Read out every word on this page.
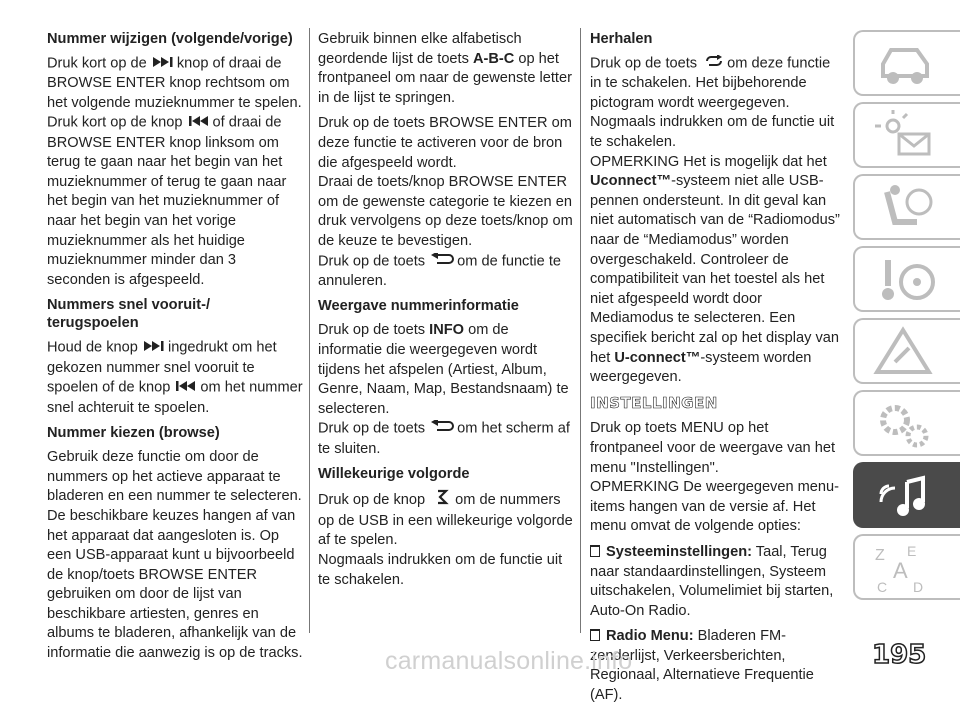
Nummer wijzigen (volgende/vorige)

Druk kort op de knop of draai de BROWSE ENTER knop rechtsom om het volgende muzieknummer te spelen. Druk kort op de knop of draai de BROWSE ENTER knop linksom om terug te gaan naar het begin van het muzieknummer of terug te gaan naar het begin van het muzieknummer of naar het begin van het vorige muzieknummer als het huidige muzieknummer minder dan 3 seconden is afgespeeld.

Nummers snel vooruit-/ terugspoelen

Houd de knop ingedrukt om het gekozen nummer snel vooruit te spoelen of de knop om het nummer snel achteruit te spoelen.

Nummer kiezen (browse)

Gebruik deze functie om door de nummers op het actieve apparaat te bladeren en een nummer te selecteren. De beschikbare keuzes hangen af van het apparaat dat aangesloten is. Op een USB-apparaat kunt u bijvoorbeeld de knop/toets BROWSE ENTER gebruiken om door de lijst van beschikbare artiesten, genres en albums te bladeren, afhankelijk van de informatie die aanwezig is op de tracks.

Gebruik binnen elke alfabetisch geordende lijst de toets A-B-C op het frontpaneel om naar de gewenste letter in de lijst te springen.

Druk op de toets BROWSE ENTER om deze functie te activeren voor de bron die afgespeeld wordt.

Draai de toets/knop BROWSE ENTER om de gewenste categorie te kiezen en druk vervolgens op deze toets/knop om de keuze te bevestigen.

Druk op de toets om de functie te annuleren.

Weergave nummerinformatie

Druk op de toets INFO om de informatie die weergegeven wordt tijdens het afspelen (Artiest, Album, Genre, Naam, Map, Bestandsnaam) te selecteren.

Druk op de toets om het scherm af te sluiten.

Willekeurige volgorde

Druk op de knop om de nummers op de USB in een willekeurige volgorde af te spelen.

Nogmaals indrukken om de functie uit te schakelen.

Herhalen

Druk op de toets om deze functie in te schakelen. Het bijbehorende pictogram wordt weergegeven.

Nogmaals indrukken om de functie uit te schakelen.

OPMERKING Het is mogelijk dat het Uconnect™-systeem niet alle USB-pennen ondersteunt. In dit geval kan niet automatisch van de “Radiomodus” naar de “Mediamodus” worden overgeschakeld. Controleer de compatibiliteit van het toestel als het niet afgespeeld wordt door Mediamodus te selecteren. Een specifiek bericht zal op het display van het U-connect™-systeem worden weergegeven.

INSTELLINGEN

Druk op toets MENU op het frontpaneel voor de weergave van het menu "Instellingen".

OPMERKING De weergegeven menu-items hangen van de versie af. Het menu omvat de volgende opties:

Systeeminstellingen: Taal, Terug naar standaardinstellingen, Systeem uitschakelen, Volumelimiet bij starten, Auto-On Radio.

Radio Menu: Bladeren FM-zenderlijst, Verkeersberichten, Regionaal, Alternatieve Frequentie (AF).

Z E
A
C D
carmanualsonline.info	195
